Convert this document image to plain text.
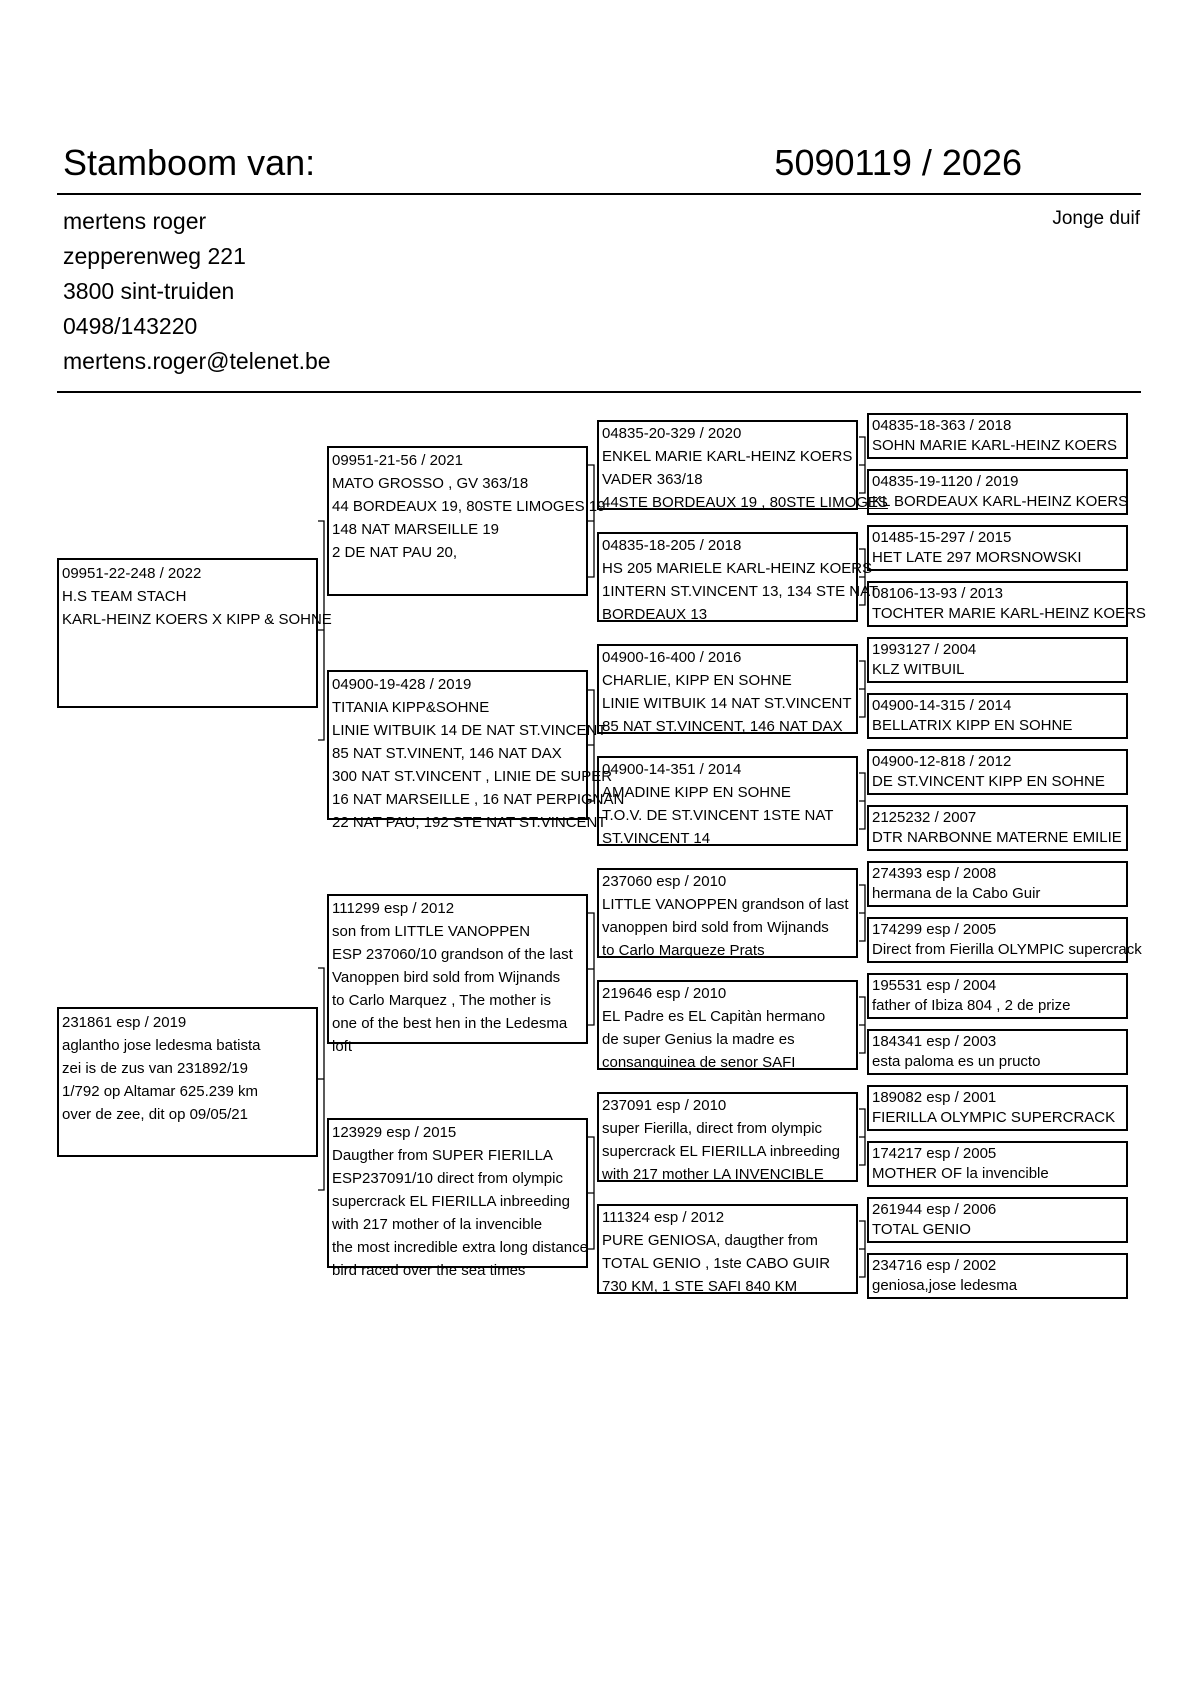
Stamboom van:	5090119 / 2026
Jonge duif
mertens roger
zepperenweg 221
3800 sint-truiden
0498/143220
mertens.roger@telenet.be
09951-22-248 / 2022
H.S TEAM STACH
KARL-HEINZ KOERS X KIPP & SOHNE
231861 esp / 2019
aglantho jose ledesma batista
zei is de zus van 231892/19
1/792 op Altamar 625.239 km
over de zee, dit op 09/05/21
09951-21-56 / 2021
MATO GROSSO , GV 363/18
44 BORDEAUX 19, 80STE LIMOGES 19
148 NAT MARSEILLE 19
2 DE NAT PAU 20,
04900-19-428 / 2019
TITANIA KIPP&SOHNE
LINIE WITBUIK 14 DE NAT ST.VINCENT
85 NAT ST.VINENT, 146 NAT DAX
300 NAT ST.VINCENT , LINIE DE SUPER
16 NAT MARSEILLE , 16 NAT PERPIGNAN
22 NAT PAU, 192 STE NAT ST.VINCENT
111299 esp / 2012
son from LITTLE VANOPPEN
ESP 237060/10 grandson of the last
Vanoppen bird sold from Wijnands
to Carlo Marquez , The mother is
one of the best hen in the Ledesma
loft
123929 esp / 2015
Daugther from SUPER FIERILLA
ESP237091/10 direct from olympic
supercrack EL FIERILLA inbreeding
with 217 mother of la invencible
the most incredible extra long distance
bird raced over the sea times
04835-20-329 / 2020
ENKEL MARIE KARL-HEINZ KOERS
VADER 363/18
44STE BORDEAUX 19 , 80STE LIMOGES
04835-18-205 / 2018
HS 205 MARIELE KARL-HEINZ KOERS
1INTERN ST.VINCENT 13, 134 STE NAT
BORDEAUX 13
04900-16-400 / 2016
CHARLIE, KIPP EN SOHNE
LINIE WITBUIK 14 NAT ST.VINCENT
85 NAT ST.VINCENT, 146 NAT DAX
04900-14-351 / 2014
AMADINE KIPP EN SOHNE
T.O.V. DE ST.VINCENT 1STE NAT
ST.VINCENT 14
237060 esp / 2010
LITTLE VANOPPEN grandson of last
vanoppen bird sold from Wijnands
to Carlo Marqueze Prats
219646 esp / 2010
EL Padre es EL Capitàn hermano
de super Genius la madre es
consanguinea de senor SAFI
237091 esp / 2010
super Fierilla, direct from olympic
supercrack EL FIERILLA inbreeding
with 217 mother LA INVENCIBLE
111324 esp / 2012
PURE GENIOSA, daugther from
TOTAL GENIO , 1ste CABO GUIR
730 KM, 1 STE SAFI 840 KM
04835-18-363 / 2018
SOHN MARIE KARL-HEINZ KOERS
04835-19-1120 / 2019
KL BORDEAUX KARL-HEINZ KOERS
01485-15-297 / 2015
HET LATE 297 MORSNOWSKI
08106-13-93 / 2013
TOCHTER MARIE KARL-HEINZ KOERS
1993127 / 2004
KLZ WITBUIL
04900-14-315 / 2014
BELLATRIX KIPP EN SOHNE
04900-12-818 / 2012
DE ST.VINCENT KIPP EN SOHNE
2125232 / 2007
DTR NARBONNE MATERNE EMILIE
274393 esp / 2008
hermana de la Cabo Guir
174299 esp / 2005
Direct from Fierilla OLYMPIC supercrack
195531 esp / 2004
father of Ibiza 804 , 2 de prize
184341 esp / 2003
esta paloma es un pructo
189082 esp / 2001
FIERILLA OLYMPIC SUPERCRACK
174217 esp / 2005
MOTHER OF la invencible
261944 esp / 2006
TOTAL GENIO
234716 esp / 2002
geniosa,jose ledesma
